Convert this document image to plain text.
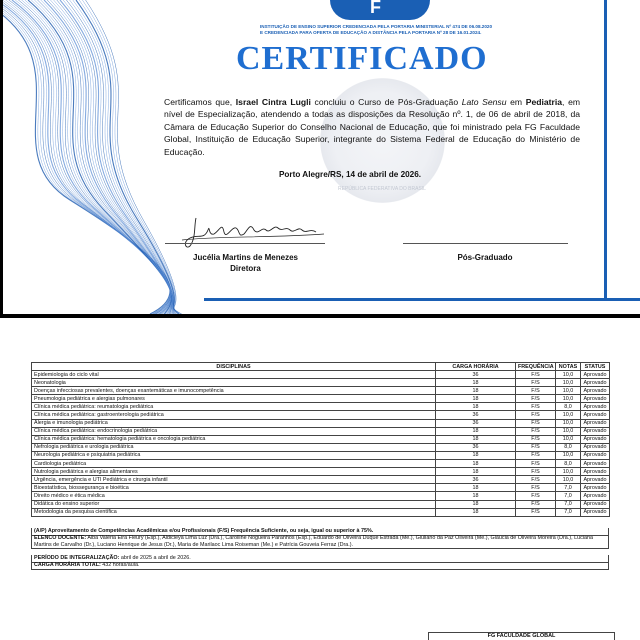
F
INSTITUIÇÃO DE ENSINO SUPERIOR CREDENCIADA PELA PORTARIA MINISTERIAL Nº 474 DE 06.08.2020
E CREDENCIADA PARA OFERTA DE EDUCAÇÃO A DISTÂNCIA PELA PORTARIA Nº 28 DE 16.01.2024.
CERTIFICADO
REPÚBLICA FEDERATIVA DO BRASIL
Certificamos que, Israel Cintra Lugli concluiu o Curso de Pós-Graduação Lato Sensu em Pediatria, em nível de Especialização, atendendo a todas as disposições da Resolução nº. 1, de 06 de abril de 2018, da Câmara de Educação Superior do Conselho Nacional de Educação, que foi ministrado pela FG Faculdade Global, Instituição de Educação Superior, integrante do Sistema Federal de Educação do Ministério de Educação.
Porto Alegre/RS, 14 de abril de 2026.
Jucélia Martins de Menezes
Diretora
Pós-Graduado
DISCIPLINAS	CARGA HORÁRIA	FREQUÊNCIA	NOTAS	STATUS
Epidemiologia do ciclo vital	36	F/S	10,0	Aprovado
Neonatologia	18	F/S	10,0	Aprovado
Doenças infecciosas prevalentes, doenças exantemáticas e imunocompetência	18	F/S	10,0	Aprovado
Pneumologia pediátrica e alergias pulmonares	18	F/S	10,0	Aprovado
Clínica médica pediátrica: reumatologia pediátrica	18	F/S	8,0	Aprovado
Clínica médica pediátrica: gastroenterologia pediátrica	36	F/S	10,0	Aprovado
Alergia e imunologia pediátrica	36	F/S	10,0	Aprovado
Clínica médica pediátrica: endocrinologia pediátrica	18	F/S	10,0	Aprovado
Clínica médica pediátrica: hematologia pediátrica e oncologia pediátrica	18	F/S	10,0	Aprovado
Nefrologia pediátrica e urologia pediátrica	36	F/S	8,0	Aprovado
Neurologia pediátrica e psiquiatria pediátrica	18	F/S	10,0	Aprovado
Cardiologia pediátrica	18	F/S	8,0	Aprovado
Nutrologia pediátrica e alergias alimentares	18	F/S	10,0	Aprovado
Urgência, emergência e UTI Pediátrica e cirurgia infantil	36	F/S	10,0	Aprovado
Bioestatística, biossegurança e bioética	18	F/S	7,0	Aprovado
Direito médico e ética médica	18	F/S	7,0	Aprovado
Didática do ensino superior	18	F/S	7,0	Aprovado
Metodologia da pesquisa científica	18	F/S	7,0	Aprovado
(A/P) Aproveitamento de Competências Acadêmicas e/ou Profissionais (F/S) Frequência Suficiente, ou seja, igual ou superior à 75%.
ELENCO DOCENTE: Alba Valéria Eira Fleury (Esp.), Aldicleya Lima Luz (Dra.), Carolline Nogueira Paranhos (Esp.), Eduardo de Oliveira Duque Estrada (Me.), Giuliano da Paz Oliveira (Me.), Gláucia de Oliveira Moreira (Dra.), Luciana Martins de Carvalho (Dr.), Luciano Henrique de Jesus (Dr.), Maria de Marilaoc Lima Roiseman (Me.) e Patrícia Gouveia Ferraz (Dra.).
PERÍODO DE INTEGRALIZAÇÃO: abril de 2025 a abril de 2026.
CARGA HORÁRIA TOTAL: 432 horas/aula.
FG FACULDADE GLOBAL
